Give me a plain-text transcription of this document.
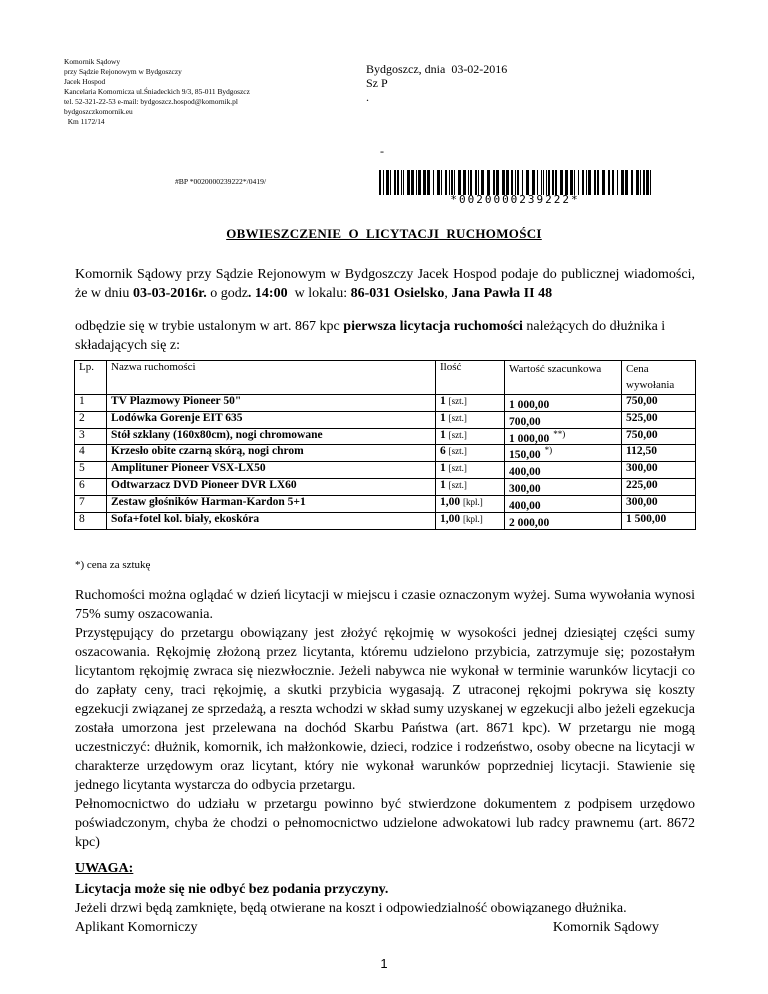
Komornik Sądowy
przy Sądzie Rejonowym w Bydgoszczy
Jacek Hospod
Kancelaria Komornicza ul.Śniadeckich 9/3, 85-011 Bydgoszcz
tel. 52-321-22-53 e-mail: bydgoszcz.hospod@komornik.pl
bydgoszczkomornik.eu
Km 1172/14
Bydgoszcz, dnia  03-02-2016
Sz P
.
-
#BP *0020000239222*/0419/
*0020000239222*
OBWIESZCZENIE  O  LICYTACJI  RUCHOMOŚCI
Komornik Sądowy przy Sądzie Rejonowym w Bydgoszczy Jacek Hospod podaje do publicznej wiadomości, że w dniu 03-03-2016r. o godz. 14:00  w lokalu: 86-031 Osielsko, Jana Pawła II 48
odbędzie się w trybie ustalonym w art. 867 kpc pierwsza licytacja ruchomości należących do dłużnika i składających się z:
Lp.	Nazwa ruchomości	Ilość	Wartość szacunkowa	Cena wywołania
1	TV Plazmowy Pioneer 50"	1 [szt.]	1 000,00	750,00
2	Lodówka Gorenje EIT 635	1 [szt.]	700,00	525,00
3	Stół szklany (160x80cm), nogi chromowane	1 [szt.]	1 000,00 **)	750,00
4	Krzesło obite czarną skórą, nogi chrom	6 [szt.]	150,00 *)	112,50
5	Amplituner Pioneer VSX-LX50	1 [szt.]	400,00	300,00
6	Odtwarzacz DVD Pioneer DVR LX60	1 [szt.]	300,00	225,00
7	Zestaw głośników Harman-Kardon 5+1	1,00 [kpl.]	400,00	300,00
8	Sofa+fotel kol. biały, ekoskóra	1,00 [kpl.]	2 000,00	1 500,00
*) cena za sztukę
Ruchomości można oglądać w dzień licytacji w miejscu i czasie oznaczonym wyżej. Suma wywołania wynosi 75% sumy oszacowania.
Przystępujący do przetargu obowiązany jest złożyć rękojmię w wysokości jednej dziesiątej części sumy oszacowania. Rękojmię złożoną przez licytanta, któremu udzielono przybicia, zatrzymuje się; pozostałym licytantom rękojmię zwraca się niezwłocznie. Jeżeli nabywca nie wykonał w terminie warunków licytacji co do zapłaty ceny, traci rękojmię, a skutki przybicia wygasają. Z utraconej rękojmi pokrywa się koszty egzekucji związanej ze sprzedażą, a reszta wchodzi w skład sumy uzyskanej w egzekucji albo jeżeli egzekucja została umorzona jest przelewana na dochód Skarbu Państwa (art. 8671 kpc). W przetargu nie mogą uczestniczyć: dłużnik, komornik, ich małżonkowie, dzieci, rodzice i rodzeństwo, osoby obecne na licytacji w charakterze urzędowym oraz licytant, który nie wykonał warunków poprzedniej licytacji. Stawienie się jednego licytanta wystarcza do odbycia przetargu.
Pełnomocnictwo do udziału w przetargu powinno być stwierdzone dokumentem z podpisem urzędowo poświadczonym, chyba że chodzi o pełnomocnictwo udzielone adwokatowi lub radcy prawnemu (art. 8672 kpc)
UWAGA:
Licytacja może się nie odbyć bez podania przyczyny.
Jeżeli drzwi będą zamknięte, będą otwierane na koszt i odpowiedzialność obowiązanego dłużnika.
Aplikant Komorniczy	Komornik Sądowy
1
